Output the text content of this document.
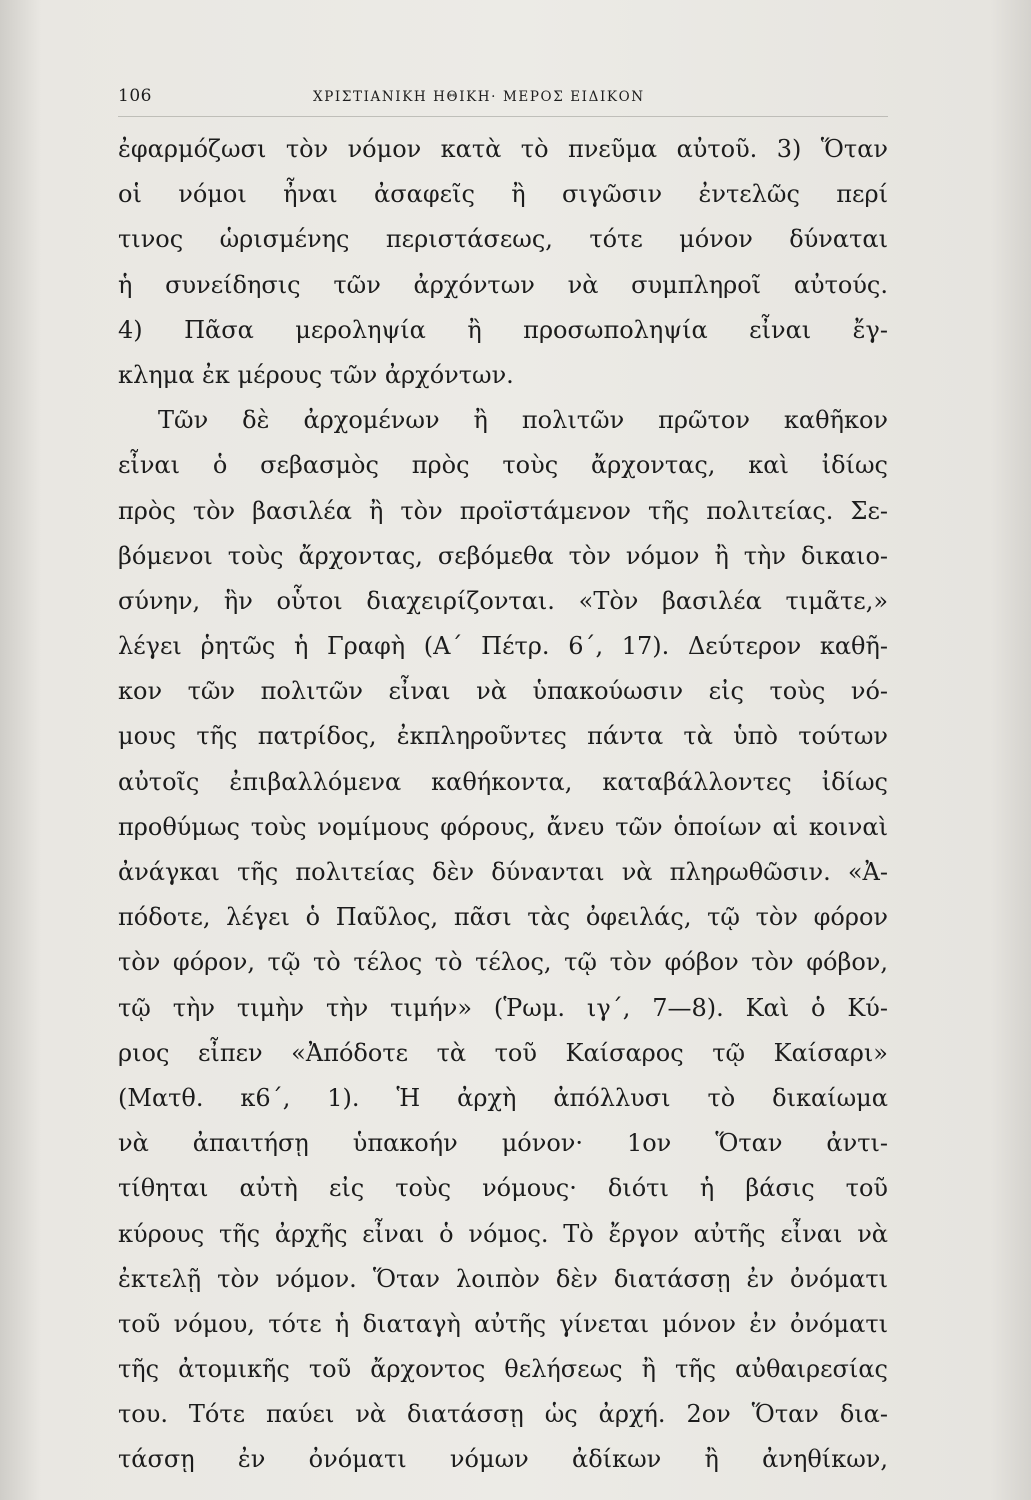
106	ΧΡΙΣΤΙΑΝΙΚΗ ΗΘΙΚΗ· ΜΕΡΟΣ ΕΙΔΙΚΟΝ
ἐφαρμόζωσι τὸν νόμον κατὰ τὸ πνεῦμα αὐτοῦ. 3) Ὅταν
οἱ νόμοι ἦναι ἀσαφεῖς ἢ σιγῶσιν ἐντελῶς περί
τινος ὡρισμένης περιστάσεως, τότε μόνον δύναται
ἡ συνείδησις τῶν ἀρχόντων νὰ συμπληροῖ αὐτούς.
4) Πᾶσα μεροληψία ἢ προσωποληψία εἶναι ἔγ-
κλημα ἐκ μέρους τῶν ἀρχόντων.
Τῶν δὲ ἀρχομένων ἢ πολιτῶν πρῶτον καθῆκον
εἶναι ὁ σεβασμὸς πρὸς τοὺς ἄρχοντας, καὶ ἰδίως
πρὸς τὸν βασιλέα ἢ τὸν προϊστάμενον τῆς πολιτείας. Σε-
βόμενοι τοὺς ἄρχοντας, σεβόμεθα τὸν νόμον ἢ τὴν δικαιο-
σύνην, ἣν οὗτοι διαχειρίζονται. «Τὸν βασιλέα τιμᾶτε,»
λέγει ῥητῶς ἡ Γραφὴ (Α΄ Πέτρ. 6΄, 17). Δεύτερον καθῆ-
κον τῶν πολιτῶν εἶναι νὰ ὑπακούωσιν εἰς τοὺς νό-
μους τῆς πατρίδος, ἐκπληροῦντες πάντα τὰ ὑπὸ τούτων
αὐτοῖς ἐπιβαλλόμενα καθήκοντα, καταβάλλοντες ἰδίως
προθύμως τοὺς νομίμους φόρους, ἄνευ τῶν ὁποίων αἱ κοιναὶ
ἀνάγκαι τῆς πολιτείας δὲν δύνανται νὰ πληρωθῶσιν. «Ἀ-
πόδοτε, λέγει ὁ Παῦλος, πᾶσι τὰς ὀφειλάς, τῷ τὸν φόρον
τὸν φόρον, τῷ τὸ τέλος τὸ τέλος, τῷ τὸν φόβον τὸν φόβον,
τῷ τὴν τιμὴν τὴν τιμήν» (Ῥωμ. ιγ΄, 7—8). Καὶ ὁ Κύ-
ριος εἶπεν «Ἀπόδοτε τὰ τοῦ Καίσαρος τῷ Καίσαρι»
(Ματθ. κ6΄, 1). Ἡ ἀρχὴ ἀπόλλυσι τὸ δικαίωμα
νὰ ἀπαιτήσῃ ὑπακοήν μόνον· 1ον Ὅταν ἀντι-
τίθηται αὐτὴ εἰς τοὺς νόμους· διότι ἡ βάσις τοῦ
κύρους τῆς ἀρχῆς εἶναι ὁ νόμος. Τὸ ἔργον αὐτῆς εἶναι νὰ
ἐκτελῇ τὸν νόμον. Ὅταν λοιπὸν δὲν διατάσσῃ ἐν ὀνόματι
τοῦ νόμου, τότε ἡ διαταγὴ αὐτῆς γίνεται μόνον ἐν ὀνόματι
τῆς ἀτομικῆς τοῦ ἄρχοντος θελήσεως ἢ τῆς αὐθαιρεσίας
του. Τότε παύει νὰ διατάσσῃ ὡς ἀρχή. 2ον Ὅταν δια-
τάσσῃ ἐν ὀνόματι νόμων ἀδίκων ἢ ἀνηθίκων,
